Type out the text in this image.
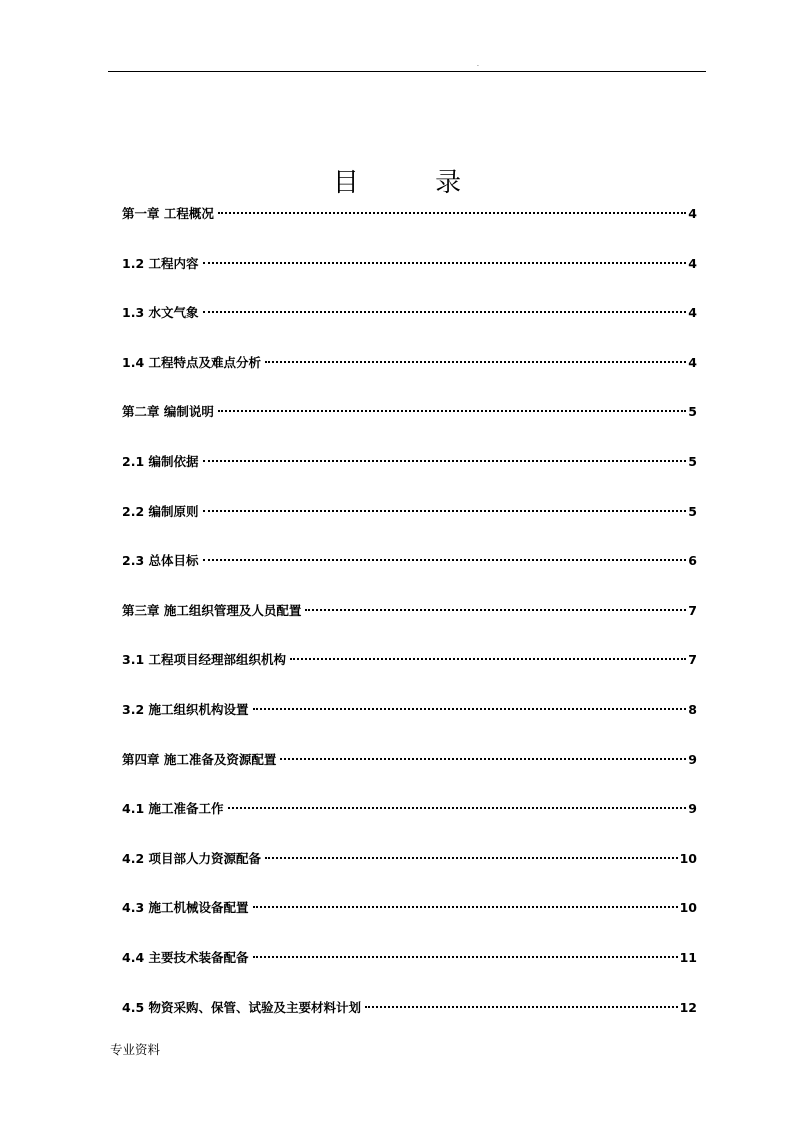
.
目 录
第一章 工程概况	4
1.2 工程内容	4
1.3 水文气象	4
1.4 工程特点及难点分析	4
第二章 编制说明	5
2.1 编制依据	5
2.2 编制原则	5
2.3 总体目标	6
第三章 施工组织管理及人员配置	7
3.1 工程项目经理部组织机构	7
3.2 施工组织机构设置	8
第四章 施工准备及资源配置	9
4.1 施工准备工作	9
4.2 项目部人力资源配备	10
4.3 施工机械设备配置	10
4.4 主要技术装备配备	11
4.5 物资采购、保管、试验及主要材料计划	12
专业资料
